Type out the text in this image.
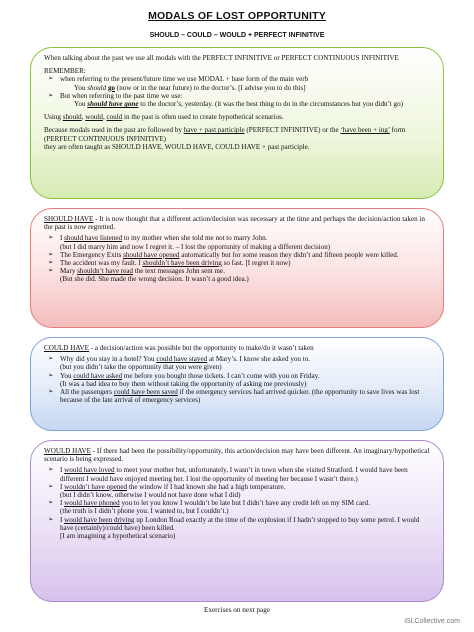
MODALS OF LOST OPPORTUNITY
SHOULD – COULD – WOULD + PERFECT INFINITIVE

When talking about the past we use all modals with the PERFECT INFINITIVE or PERFECT CONTINUOUS INFINITIVE

REMEMBER:

➢ when referring to the present/future time we use MODAL + base form of the main verb
You should go (now or in the near future) to the doctor’s. [I advise you to do this]
➢ But when referring to the past time we use:
You should have gone to the doctor’s, yesterday. (it was the best thing to do in the circumstances but you didn’t go)

Using should, would, could in the past is often used to create hypothetical scenarios.

Because modals used in the past are followed by have + past participle (PERFECT INFINITIVE) or the ‘have been + ing’ form (PERFECT CONTINUOUS INFINITIVE)

they are often taught as SHOULD HAVE, WOULD HAVE, COULD HAVE + past participle.

SHOULD HAVE - It is now thought that a different action/decision was necessary at the time and perhaps the decision/action taken in the past is now regretted.

➢ I should have listened to my mother when she told me not to marry John.
(but I did marry him and now I regret it. – I lost the opportunity of making a different decision)
➢ The Emergency Exits should have opened automatically but for some reason they didn’t and fifteen people were killed.
➢ The accident was my fault. I shouldn’t have been driving so fast. [I regret it now)
➢ Mary shouldn’t have read the text messages John sent me.
(But she did. She made the wrong decision. It wasn’t a good idea.)

COULD HAVE - a decision/action was possible but the opportunity to make/do it wasn’t taken

➢ Why did you stay in a hotel? You could have stayed at Mary’s. I know she asked you to.
(but you didn’t take the opportunity that you were given)
➢ You could have asked me before you bought those tickets. I can’t come with you on Friday.
(It was a bad idea to buy them without taking the opportunity of asking me previously)
➢ All the passengers could have been saved if the emergency services had arrived quicker. (the opportunity to save lives was lost because of the late arrival of emergency services)

WOULD HAVE - If there had been the possibility/opportunity, this action/decision may have been different. An imaginary/hypothetical scenario is being expressed.

➢ I would have loved to meet your mother but, unfortunately, I wasn’t in town when she visited Stratford. I would have been different I would have enjoyed meeting her. I lost the opportunity of meeting her because I wasn’t there.)
➢ I wouldn’t have opened the window if I had known she had a high temperature.
(but I didn’t know, otherwise I would not have done what I did)
➢ I would have phoned you to let you know I wouldn’t be late but I didn’t have any credit left on my SIM card.
(the truth is I didn’t phone you. I wanted to, but I couldn’t.)
➢ I would have been driving up London Road exactly at the time of the explosion if I hadn’t stopped to buy some petrol. I would have (certainly)/could have) been killed.
[I am imagining a hypothetical scenario)
Exercises on next page
iSLCollective.com
